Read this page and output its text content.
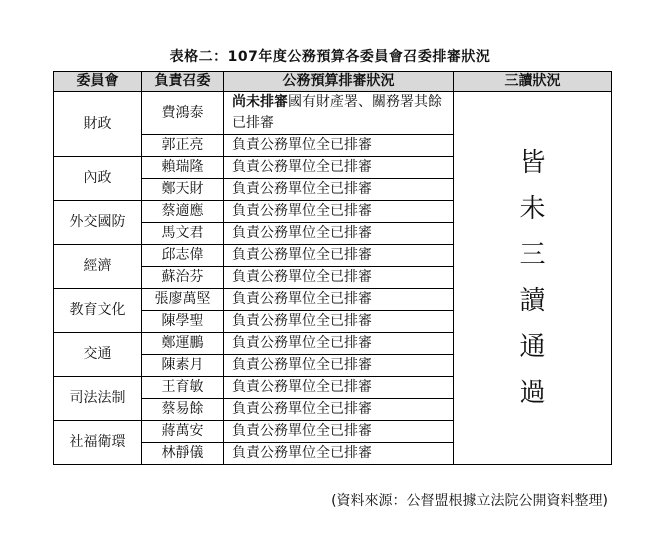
表格二：107年度公務預算各委員會召委排審狀況
委員會	負責召委	公務預算排審狀況	三讀狀況
財政	費鴻泰	尚未排審國有財產署、關務署其餘已排審	皆未三讀通過
	郭正亮	負責公務單位全已排審	
內政	賴瑞隆	負責公務單位全已排審	
	鄭天財	負責公務單位全已排審	
外交國防	蔡適應	負責公務單位全已排審	
	馬文君	負責公務單位全已排審	
經濟	邱志偉	負責公務單位全已排審	
	蘇治芬	負責公務單位全已排審	
教育文化	張廖萬堅	負責公務單位全已排審	
	陳學聖	負責公務單位全已排審	
交通	鄭運鵬	負責公務單位全已排審	
	陳素月	負責公務單位全已排審	
司法法制	王育敏	負責公務單位全已排審	
	蔡易餘	負責公務單位全已排審	
社福衛環	蔣萬安	負責公務單位全已排審	
	林靜儀	負責公務單位全已排審	
(資料來源：公督盟根據立法院公開資料整理)
